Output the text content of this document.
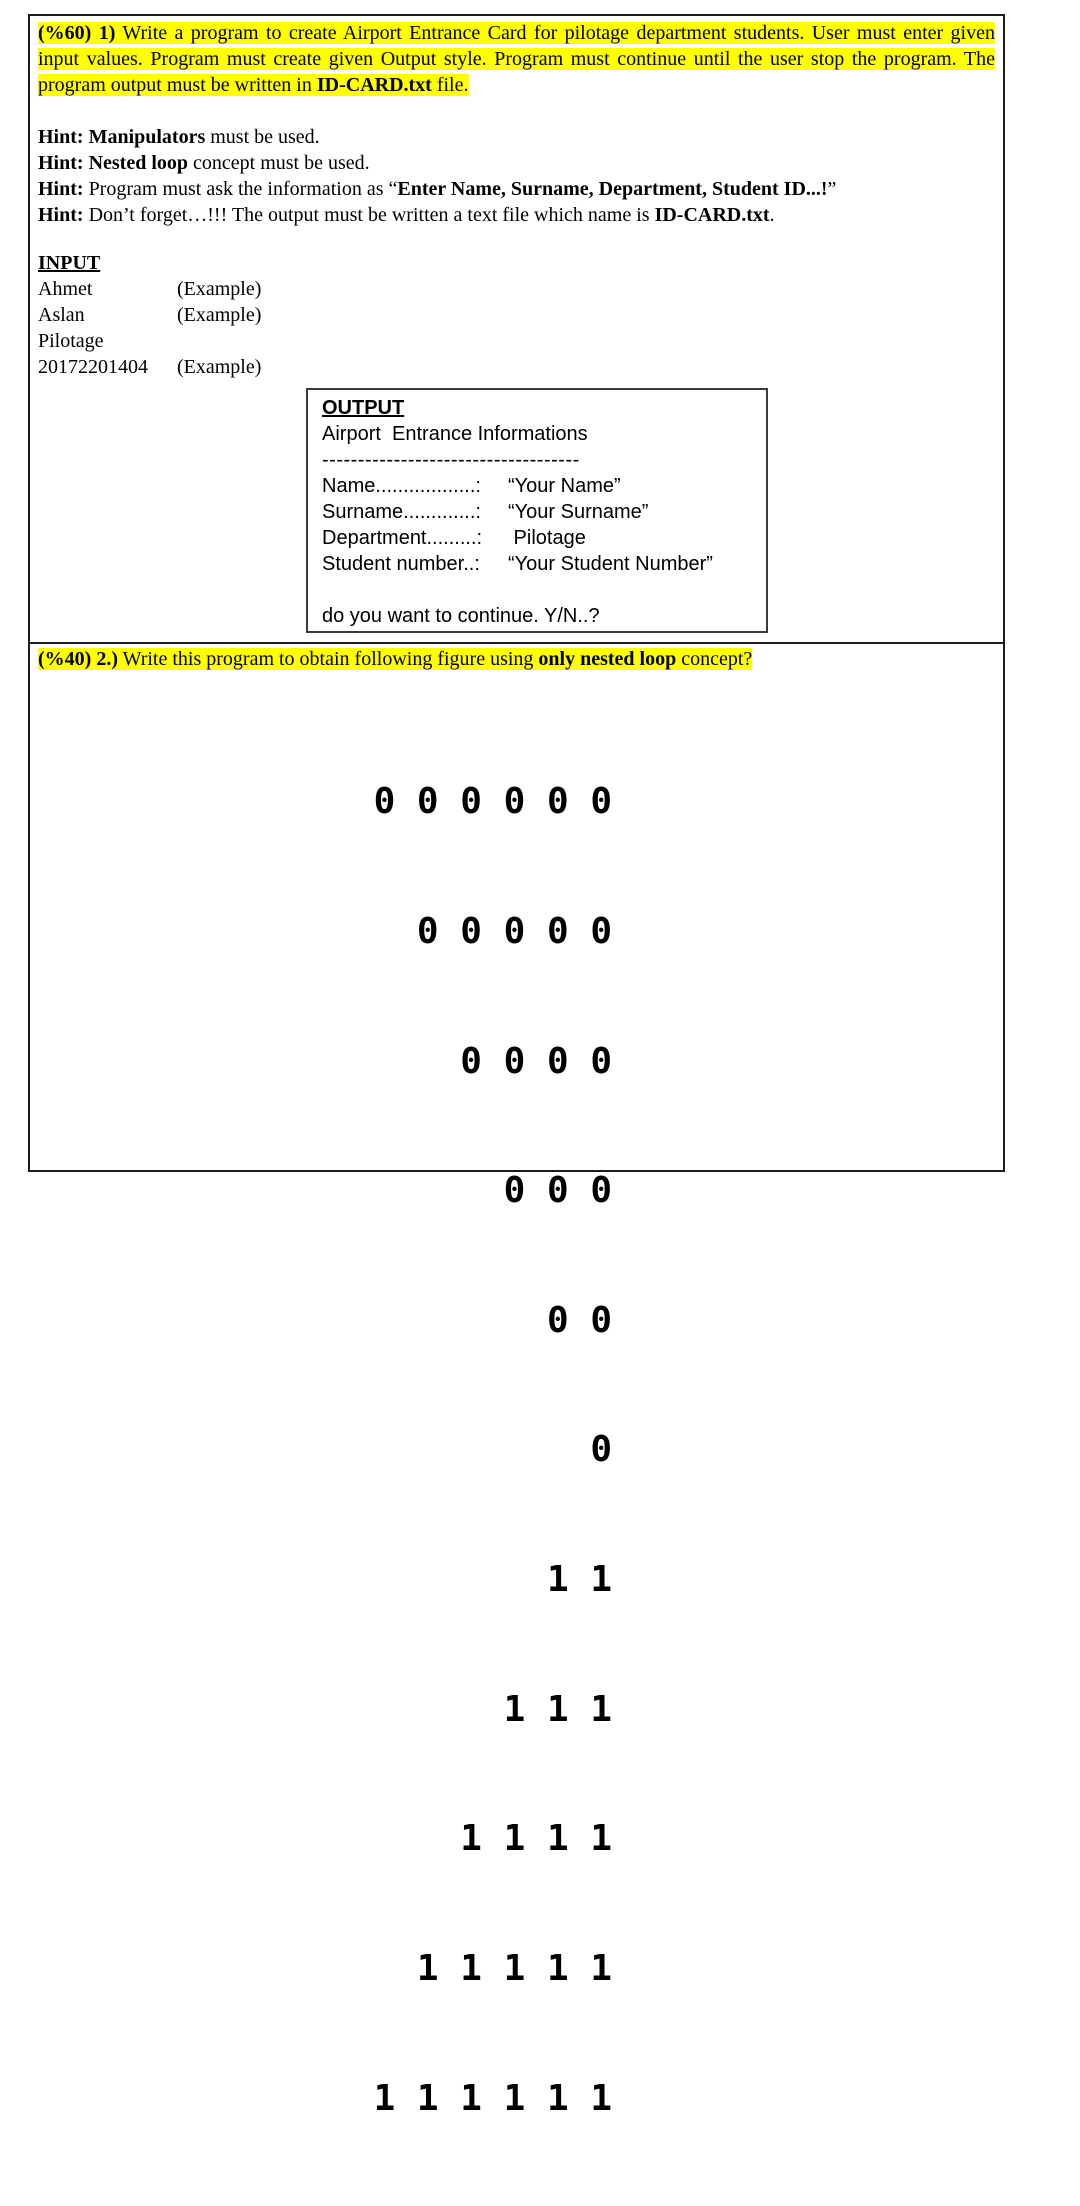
(%60) 1) Write a program to create Airport Entrance Card for pilotage department students. User must enter given input values. Program must create given Output style. Program must continue until the user stop the program. The program output must be written in ID-CARD.txt file.

Hint: Manipulators must be used.
Hint: Nested loop concept must be used.
Hint: Program must ask the information as “Enter Name, Surname, Department, Student ID...!”
Hint: Don’t forget…!!! The output must be written a text file which name is ID-CARD.txt.
INPUT
Ahmet	(Example)
Aslan	(Example)
Pilotage
20172201404 (Example)
OUTPUT
Airport  Entrance Informations
------------------------------------
Name..................: “Your Name”
Surname.............: “Your Surname”
Department.........: Pilotage
Student number..: “Your Student Number”
do you want to continue. Y/N..?

(%40) 2.) Write this program to obtain following figure using only nested loop concept?

0 0 0 0 0 0

0 0 0 0 0

0 0 0 0

0 0 0

0 0

0

1 1

1 1 1

1 1 1 1

1 1 1 1 1

1 1 1 1 1 1
